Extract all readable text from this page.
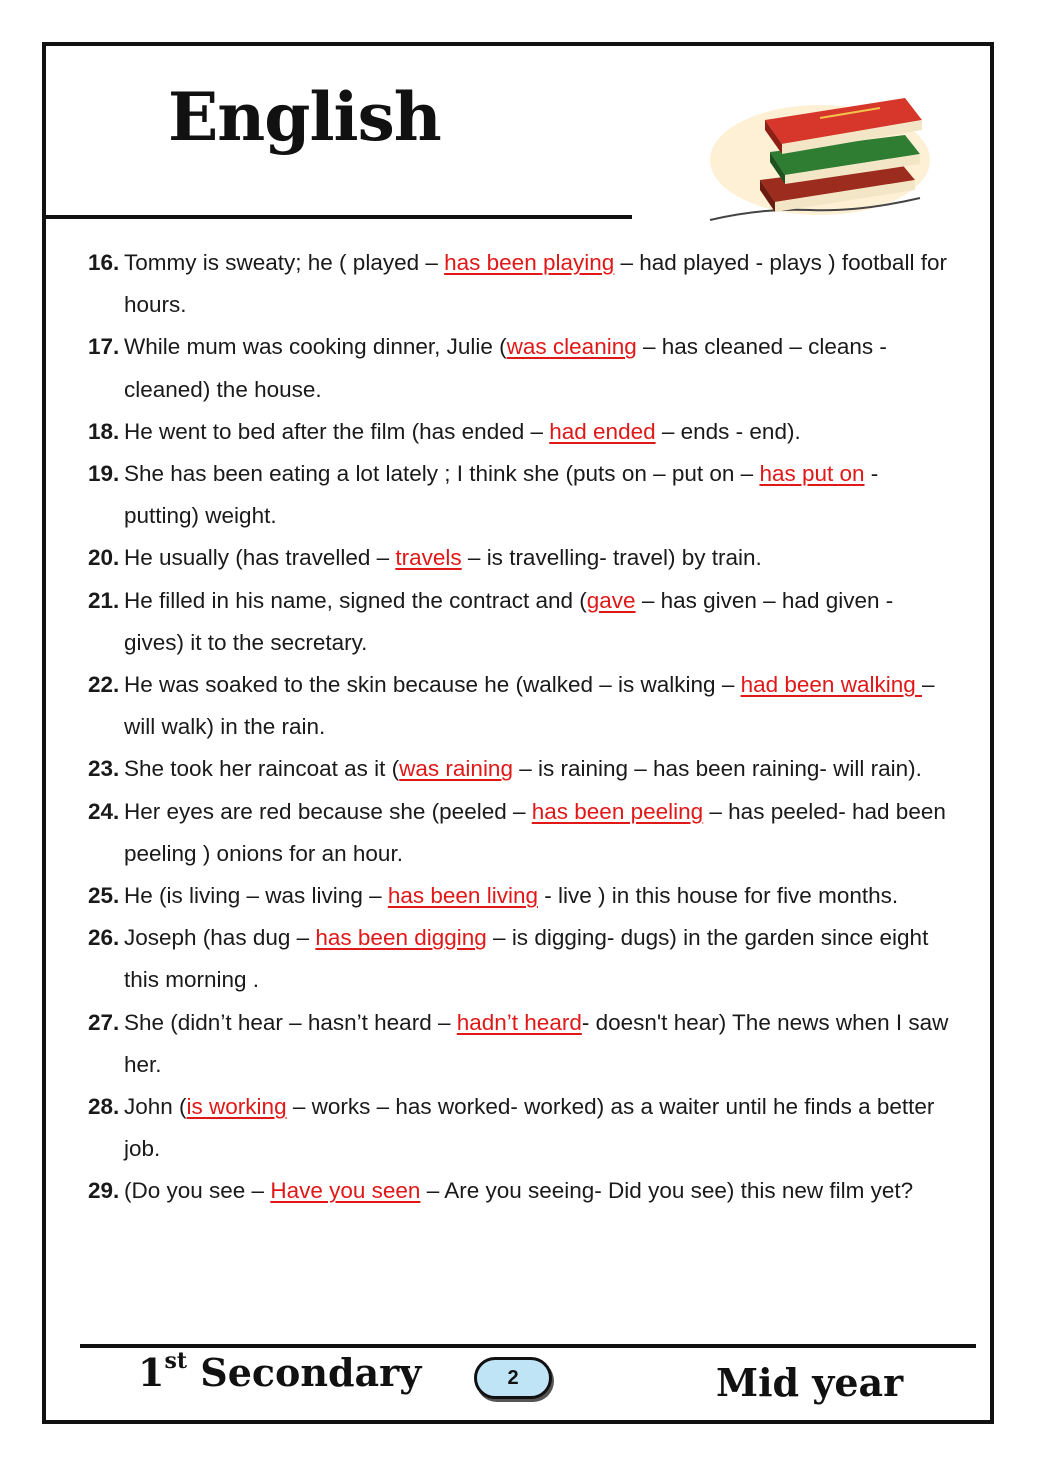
English
16. Tommy is sweaty; he ( played – has been playing – had played - plays ) football for hours.
17. While mum was cooking dinner, Julie (was cleaning – has cleaned – cleans - cleaned) the house.
18. He went to bed after the film (has ended – had ended – ends - end).
19. She has been eating a lot lately ; I think she (puts on – put on – has put on - putting) weight.
20. He usually (has travelled – travels – is travelling- travel) by train.
21. He filled in his name, signed the contract and (gave – has given – had given - gives) it to the secretary.
22. He was soaked to the skin because he (walked – is walking – had been walking – will walk) in the rain.
23. She took her raincoat as it (was raining – is raining – has been raining- will rain).
24. Her eyes are red because she (peeled – has been peeling – has peeled- had been peeling ) onions for an hour.
25. He (is living – was living – has been living - live ) in this house for five months.
26. Joseph (has dug – has been digging – is digging- dugs) in the garden since eight this morning .
27. She (didn’t hear – hasn’t heard – hadn’t heard- doesn't hear) The news when I saw her.
28. John (is working – works – has worked- worked) as a waiter until he finds a better job.
29. (Do you see – Have you seen – Are you seeing- Did you see) this new film yet?
1st Secondary	2	Mid year
